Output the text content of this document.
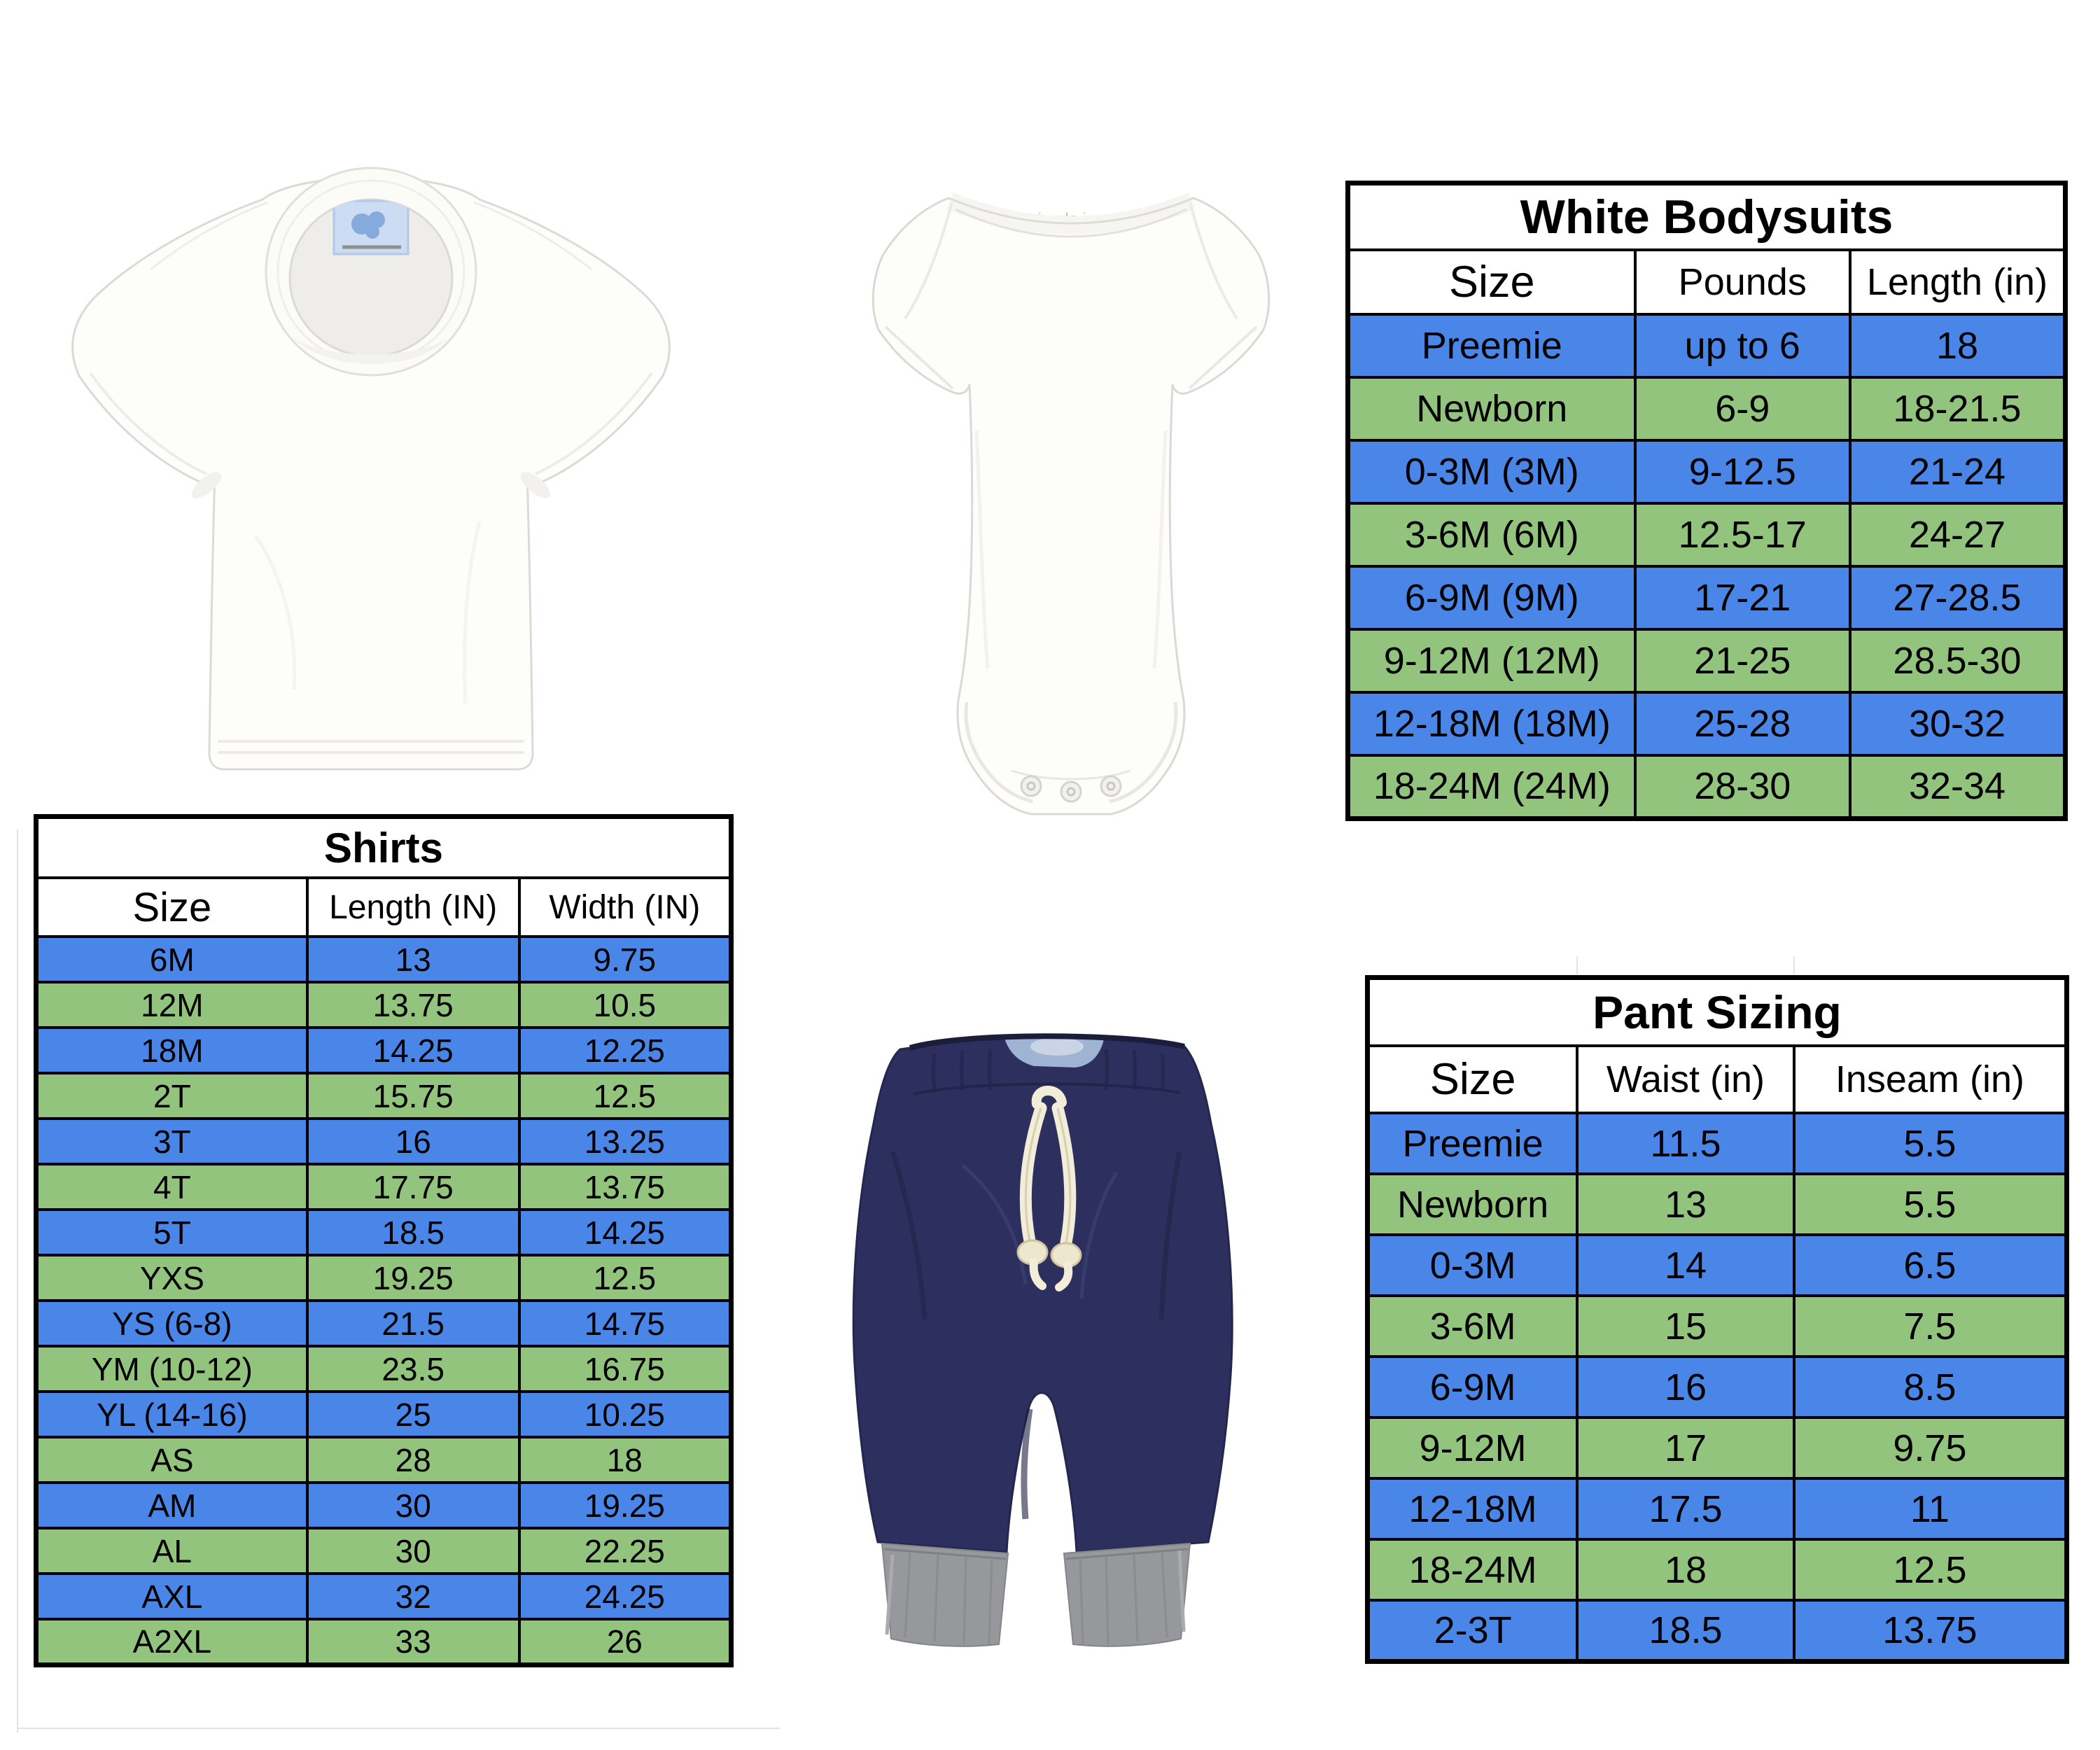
simple joys	White Bodysuits		
Size	Pounds	Length (in)
Preemie	up to 6	18
Newborn	6-9	18-21.5
0-3M (3M)	9-12.5	21-24
3-6M (6M)	12.5-17	24-27
6-9M (9M)	17-21	27-28.5
9-12M (12M)	21-25	28.5-30
12-18M (18M)	25-28	30-32
18-24M (24M)	28-30	32-34
Shirts		
Size	Length (IN)	Width (IN)
6M	13	9.75
12M	13.75	10.5
18M	14.25	12.25
2T	15.75	12.5
3T	16	13.25
4T	17.75	13.75
5T	18.5	14.25
YXS	19.25	12.5
YS (6-8)	21.5	14.75
YM (10-12)	23.5	16.75
YL (14-16)	25	10.25
AS	28	18
AM	30	19.25
AL	30	22.25
AXL	32	24.25
A2XL	33	26
Pant Sizing		
Size	Waist (in)	Inseam (in)
Preemie	11.5	5.5
Newborn	13	5.5
0-3M	14	6.5
3-6M	15	7.5
6-9M	16	8.5
9-12M	17	9.75
12-18M	17.5	11
18-24M	18	12.5
2-3T	18.5	13.75
